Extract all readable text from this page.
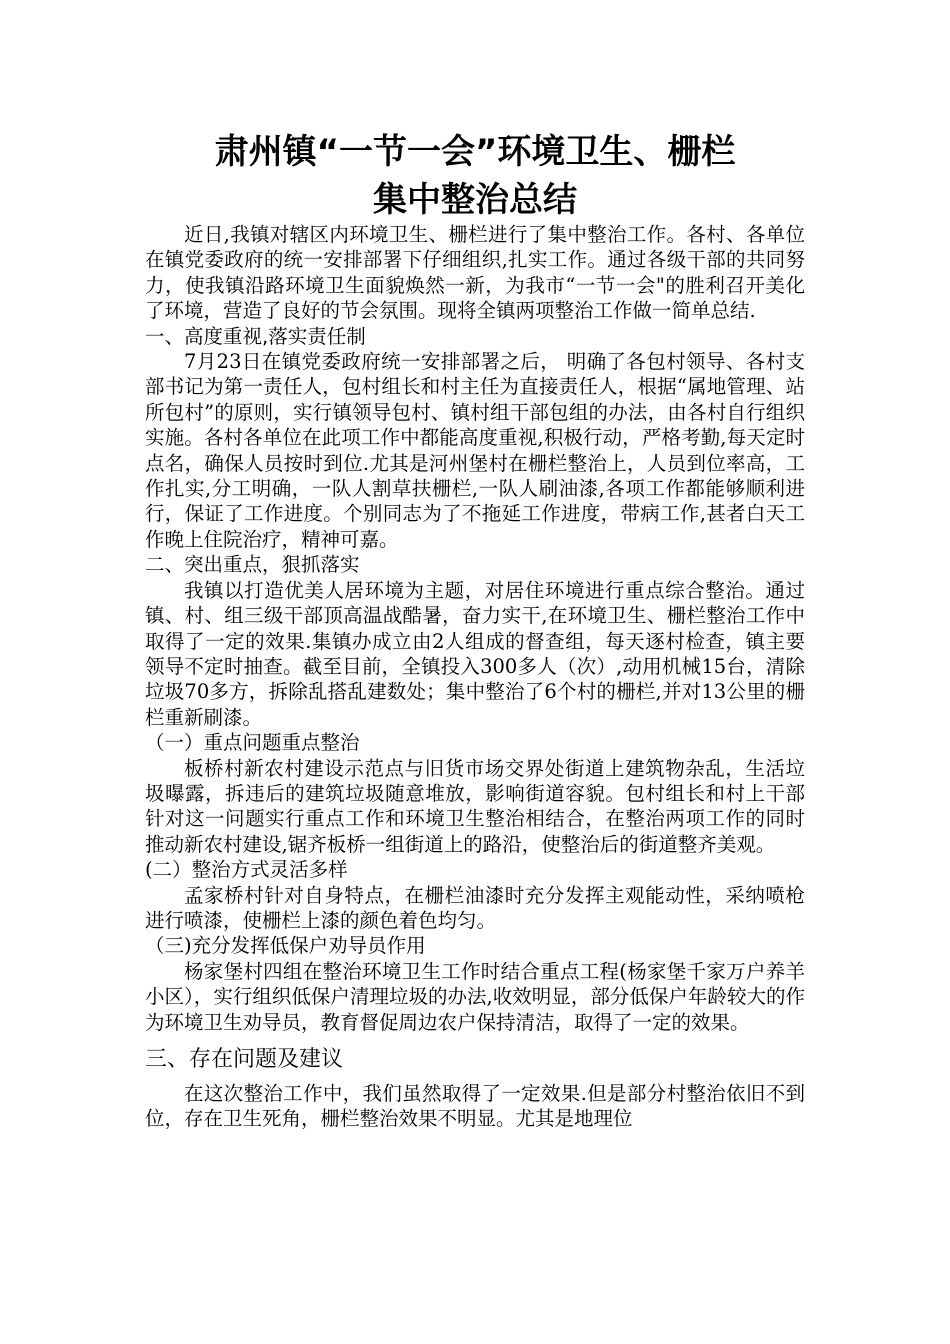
肃州镇“一节一会”环境卫生、栅栏
集中整治总结

近日,我镇对辖区内环境卫生、栅栏进行了集中整治工作。各村、各单位在镇党委政府的统一安排部署下仔细组织,扎实工作。通过各级干部的共同努力，使我镇沿路环境卫生面貌焕然一新，为我市“一节一会"的胜利召开美化了环境，营造了良好的节会氛围。现将全镇两项整治工作做一简单总结.

一、高度重视,落实责任制

7月23日在镇党委政府统一安排部署之后， 明确了各包村领导、各村支部书记为第一责任人，包村组长和村主任为直接责任人，根据“属地管理、站所包村”的原则，实行镇领导包村、镇村组干部包组的办法，由各村自行组织实施。各村各单位在此项工作中都能高度重视,积极行动，严格考勤,每天定时点名，确保人员按时到位.尤其是河州堡村在栅栏整治上，人员到位率高，工作扎实,分工明确，一队人割草扶栅栏,一队人刷油漆,各项工作都能够顺利进行，保证了工作进度。个别同志为了不拖延工作进度，带病工作,甚者白天工作晚上住院治疗，精神可嘉。

二、突出重点，狠抓落实

我镇以打造优美人居环境为主题，对居住环境进行重点综合整治。通过镇、村、组三级干部顶高温战酷暑，奋力实干,在环境卫生、栅栏整治工作中取得了一定的效果.集镇办成立由2人组成的督查组，每天逐村检查，镇主要领导不定时抽查。截至目前，全镇投入300多人（次）,动用机械15台，清除垃圾70多方，拆除乱搭乱建数处；集中整治了6个村的栅栏,并对13公里的栅栏重新刷漆。

（一）重点问题重点整治

板桥村新农村建设示范点与旧货市场交界处街道上建筑物杂乱，生活垃圾曝露，拆违后的建筑垃圾随意堆放，影响街道容貌。包村组长和村上干部针对这一问题实行重点工作和环境卫生整治相结合，在整治两项工作的同时推动新农村建设,锯齐板桥一组街道上的路沿，使整治后的街道整齐美观。

(二）整治方式灵活多样

孟家桥村针对自身特点，在栅栏油漆时充分发挥主观能动性，采纳喷枪进行喷漆，使栅栏上漆的颜色着色均匀。

（三)充分发挥低保户劝导员作用

杨家堡村四组在整治环境卫生工作时结合重点工程(杨家堡千家万户养羊小区），实行组织低保户清理垃圾的办法,收效明显，部分低保户年龄较大的作为环境卫生劝导员，教育督促周边农户保持清洁，取得了一定的效果。

三、存在问题及建议

在这次整治工作中，我们虽然取得了一定效果.但是部分村整治依旧不到位，存在卫生死角，栅栏整治效果不明显。尤其是地理位
